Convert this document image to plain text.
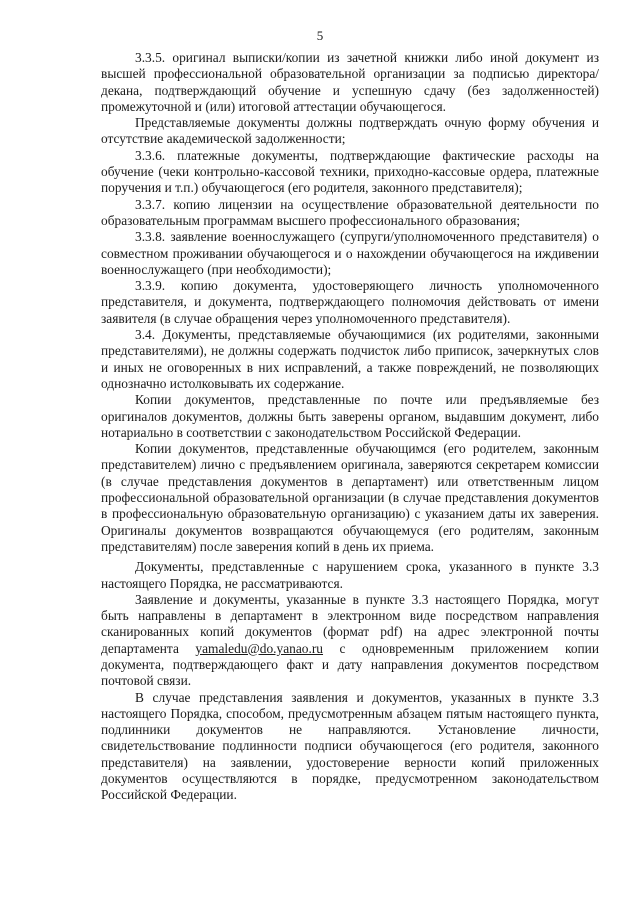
5

3.3.5. оригинал выписки/копии из зачетной книжки либо иной документ из высшей профессиональной образовательной организации за подписью директора/декана, подтверждающий обучение и успешную сдачу (без задолженностей) промежуточной и (или) итоговой аттестации обучающегося.

Представляемые документы должны подтверждать очную форму обучения и отсутствие академической задолженности;

3.3.6. платежные документы, подтверждающие фактические расходы на обучение (чеки контрольно-кассовой техники, приходно-кассовые ордера, платежные поручения и т.п.) обучающегося (его родителя, законного представителя);

3.3.7. копию лицензии на осуществление образовательной деятельности по образовательным программам высшего профессионального образования;

3.3.8. заявление военнослужащего (супруги/уполномоченного представителя) о совместном проживании обучающегося и о нахождении обучающегося на иждивении военнослужащего (при необходимости);

3.3.9. копию документа, удостоверяющего личность уполномоченного представителя, и документа, подтверждающего полномочия действовать от имени заявителя (в случае обращения через уполномоченного представителя).

3.4. Документы, представляемые обучающимися (их родителями, законными представителями), не должны содержать подчисток либо приписок, зачеркнутых слов и иных не оговоренных в них исправлений, а также повреждений, не позволяющих однозначно истолковывать их содержание.

Копии документов, представленные по почте или предъявляемые без оригиналов документов, должны быть заверены органом, выдавшим документ, либо нотариально в соответствии с законодательством Российской Федерации.

Копии документов, представленные обучающимся (его родителем, законным представителем) лично с предъявлением оригинала, заверяются секретарем комиссии (в случае представления документов в департамент) или ответственным лицом профессиональной образовательной организации (в случае представления документов в профессиональную образовательную организацию) с указанием даты их заверения. Оригиналы документов возвращаются обучающемуся (его родителям, законным представителям) после заверения копий в день их приема.

Документы, представленные с нарушением срока, указанного в пункте 3.3 настоящего Порядка, не рассматриваются.

Заявление и документы, указанные в пункте 3.3 настоящего Порядка, могут быть направлены в департамент в электронном виде посредством направления сканированных копий документов (формат pdf) на адрес электронной почты департамента yamaledu@do.yanao.ru с одновременным приложением копии документа, подтверждающего факт и дату направления документов посредством почтовой связи.

В случае представления заявления и документов, указанных в пункте 3.3 настоящего Порядка, способом, предусмотренным абзацем пятым настоящего пункта, подлинники документов не направляются. Установление личности, свидетельствование подлинности подписи обучающегося (его родителя, законного представителя) на заявлении, удостоверение верности копий приложенных документов осуществляются в порядке, предусмотренном законодательством Российской Федерации.
